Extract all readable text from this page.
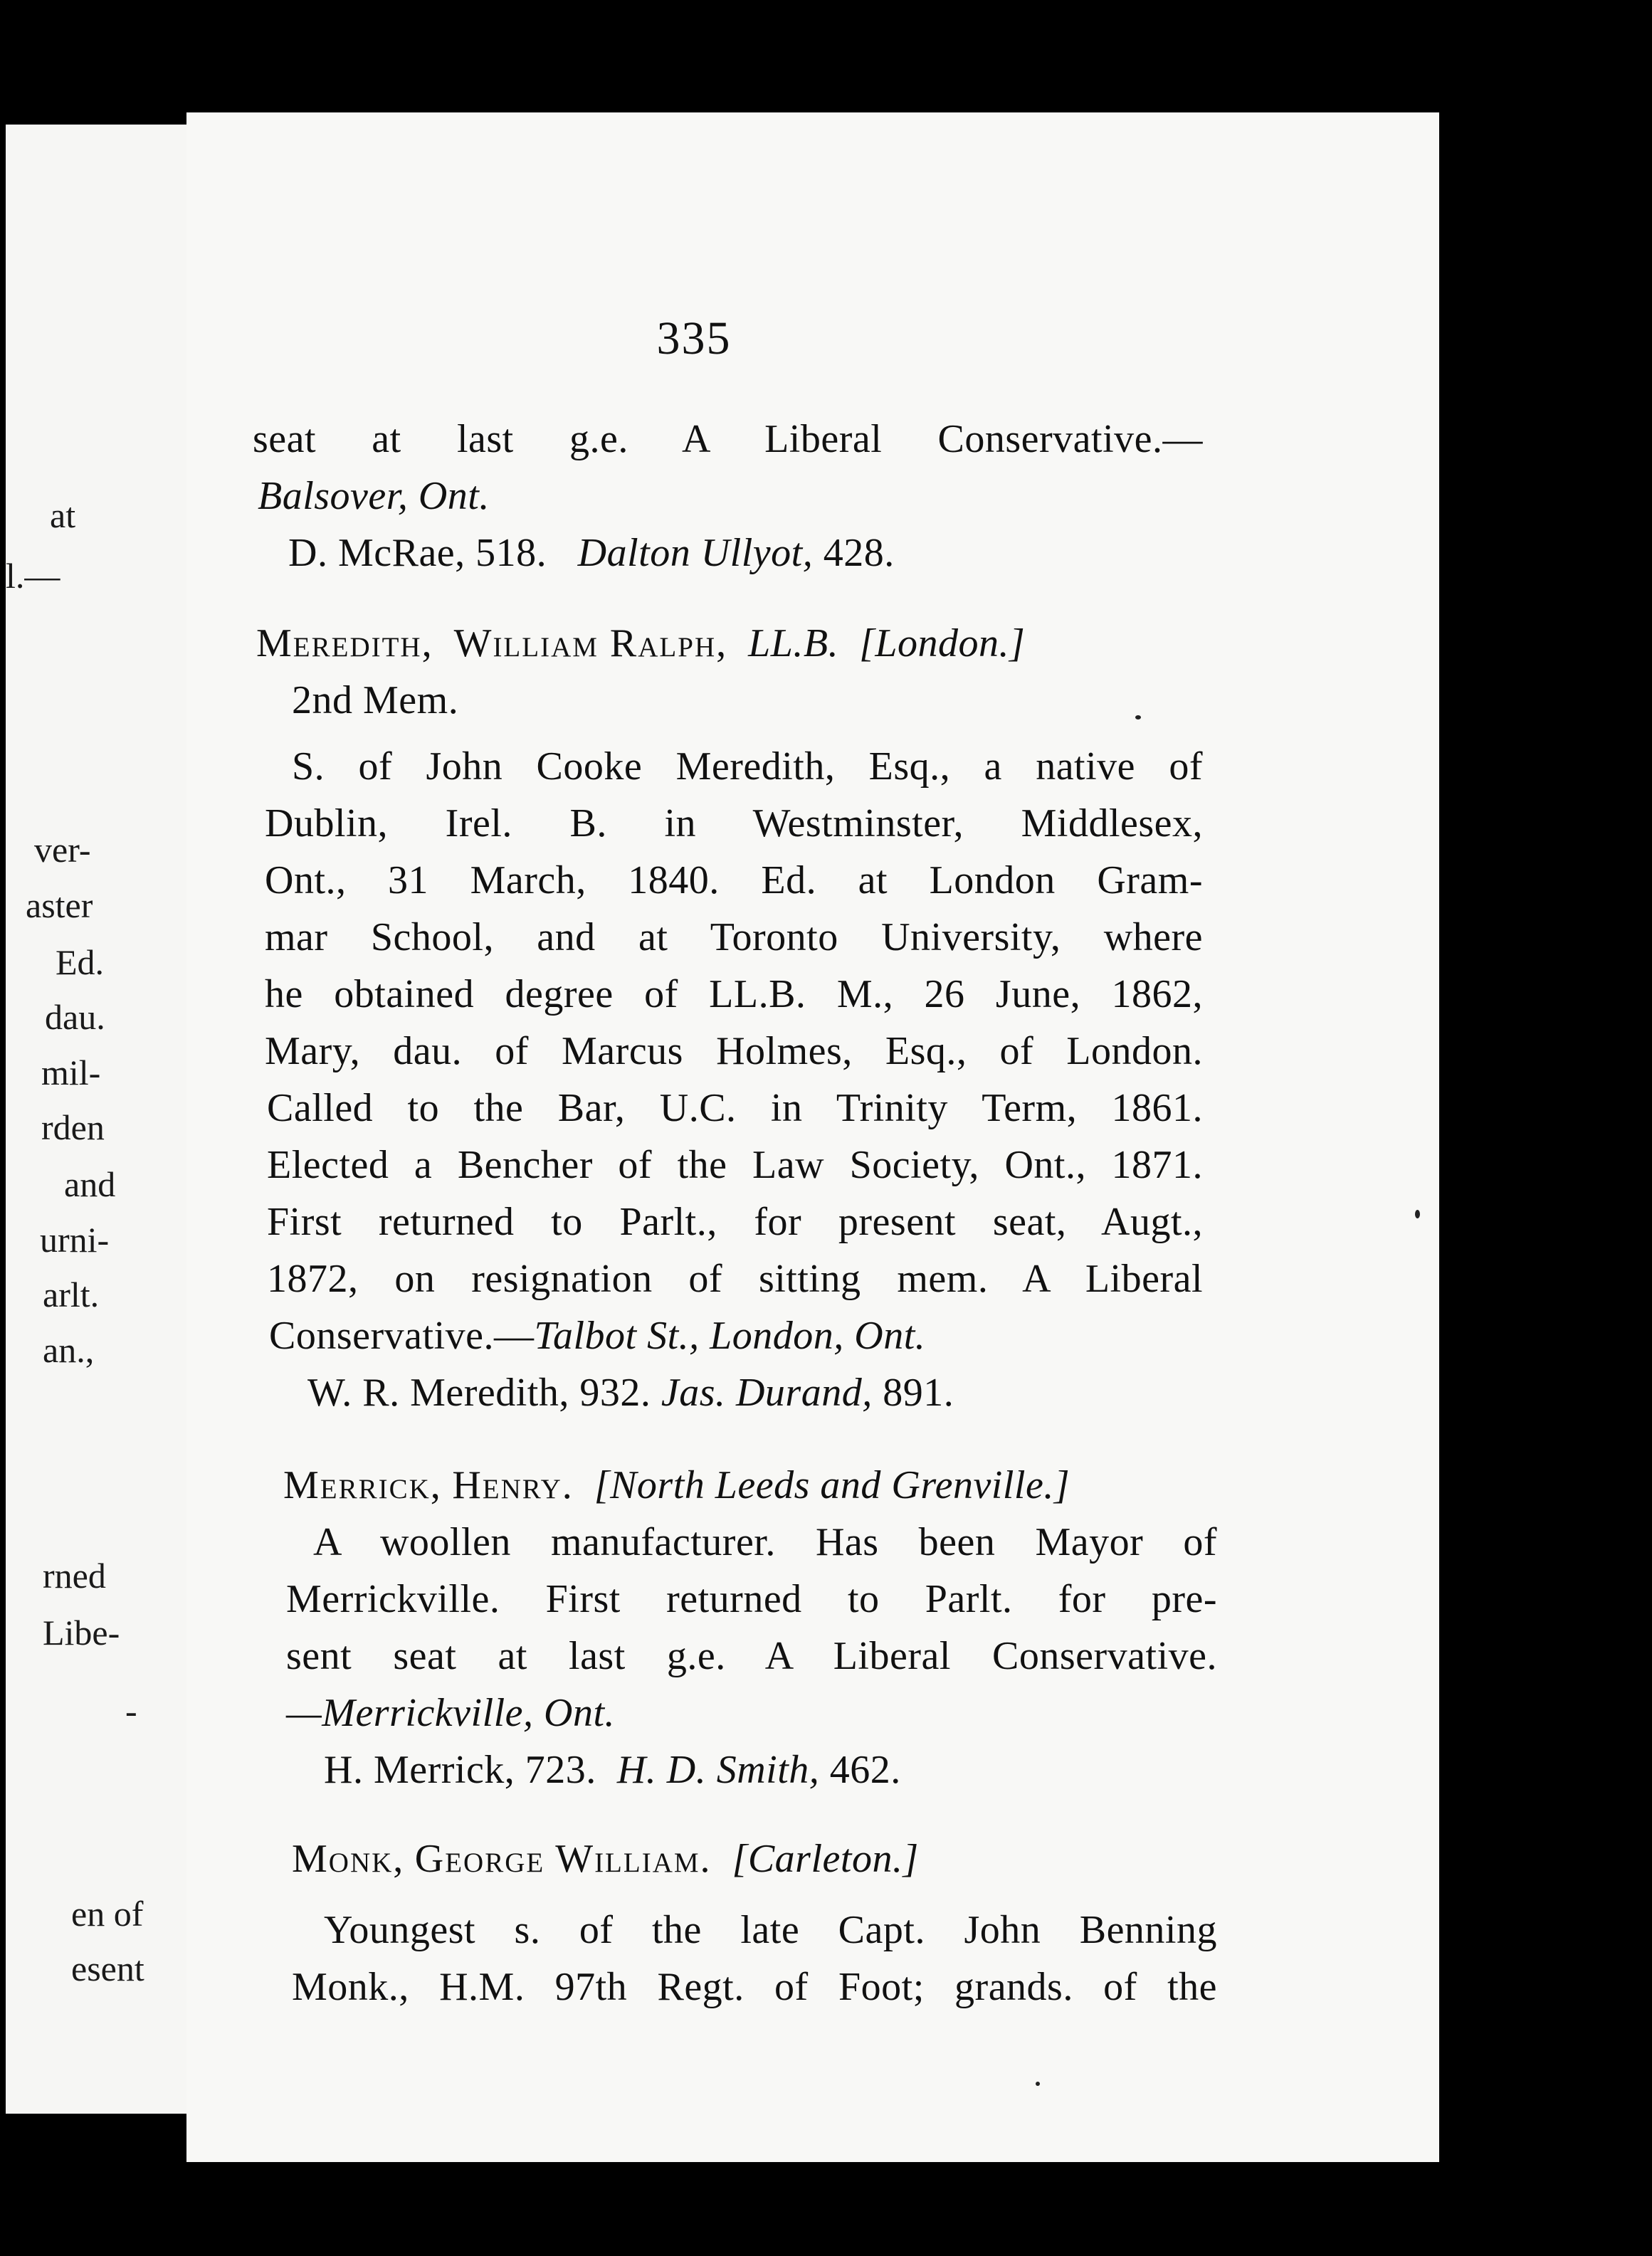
at
l.—
ver-
aster
Ed.
dau.
mil-
rden
and
urni-
arlt.
an.,
rned
Libe-
-
en of
esent
335
seat at last g.e. A Liberal Conservative.—
Balsover, Ont.
D. McRae, 518. Dalton Ullyot, 428.
Meredith, William Ralph, LL.B. [London.]
2nd Mem.
S. of John Cooke Meredith, Esq., a native of
Dublin, Irel. B. in Westminster, Middlesex,
Ont., 31 March, 1840. Ed. at London Gram-
mar School, and at Toronto University, where
he obtained degree of LL.B. M., 26 June, 1862,
Mary, dau. of Marcus Holmes, Esq., of London.
Called to the Bar, U.C. in Trinity Term, 1861.
Elected a Bencher of the Law Society, Ont., 1871.
First returned to Parlt., for present seat, Augt.,
1872, on resignation of sitting mem. A Liberal
Conservative.—Talbot St., London, Ont.
W. R. Meredith, 932. Jas. Durand, 891.
Merrick, Henry. [North Leeds and Grenville.]
A woollen manufacturer. Has been Mayor of
Merrickville. First returned to Parlt. for pre-
sent seat at last g.e. A Liberal Conservative.
—Merrickville, Ont.
H. Merrick, 723. H. D. Smith, 462.
Monk, George William. [Carleton.]
Youngest s. of the late Capt. John Benning
Monk., H.M. 97th Regt. of Foot; grands. of the
